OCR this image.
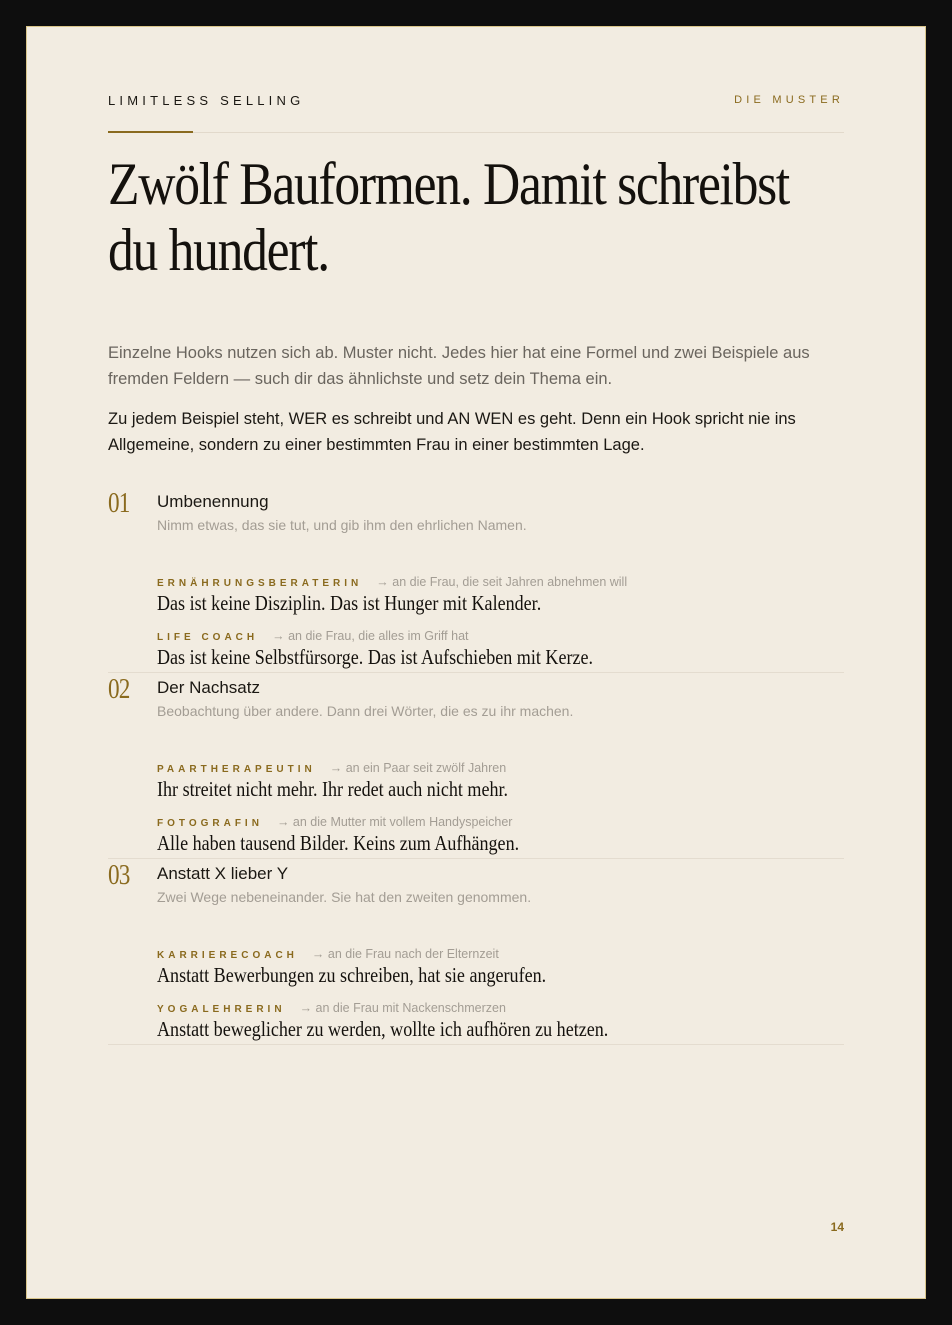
LIMITLESS SELLING	DIE MUSTER
Zwölf Bauformen. Damit schreibst du hundert.

Einzelne Hooks nutzen sich ab. Muster nicht. Jedes hier hat eine Formel und zwei Beispiele aus fremden Feldern — such dir das ähnlichste und setz dein Thema ein.

Zu jedem Beispiel steht, WER es schreibt und AN WEN es geht. Denn ein Hook spricht nie ins Allgemeine, sondern zu einer bestimmten Frau in einer bestimmten Lage.

01 Umbenennung
Nimm etwas, das sie tut, und gib ihm den ehrlichen Namen.
ERNÄHRUNGSBERATERIN → an die Frau, die seit Jahren abnehmen will
Das ist keine Disziplin. Das ist Hunger mit Kalender.
LIFE COACH → an die Frau, die alles im Griff hat
Das ist keine Selbstfürsorge. Das ist Aufschieben mit Kerze.
02 Der Nachsatz
Beobachtung über andere. Dann drei Wörter, die es zu ihr machen.
PAARTHERAPEUTIN → an ein Paar seit zwölf Jahren
Ihr streitet nicht mehr. Ihr redet auch nicht mehr.
FOTOGRAFIN → an die Mutter mit vollem Handyspeicher
Alle haben tausend Bilder. Keins zum Aufhängen.
03 Anstatt X lieber Y
Zwei Wege nebeneinander. Sie hat den zweiten genommen.
KARRIERECOACH → an die Frau nach der Elternzeit
Anstatt Bewerbungen zu schreiben, hat sie angerufen.
YOGALEHRERIN → an die Frau mit Nackenschmerzen
Anstatt beweglicher zu werden, wollte ich aufhören zu hetzen.
14
